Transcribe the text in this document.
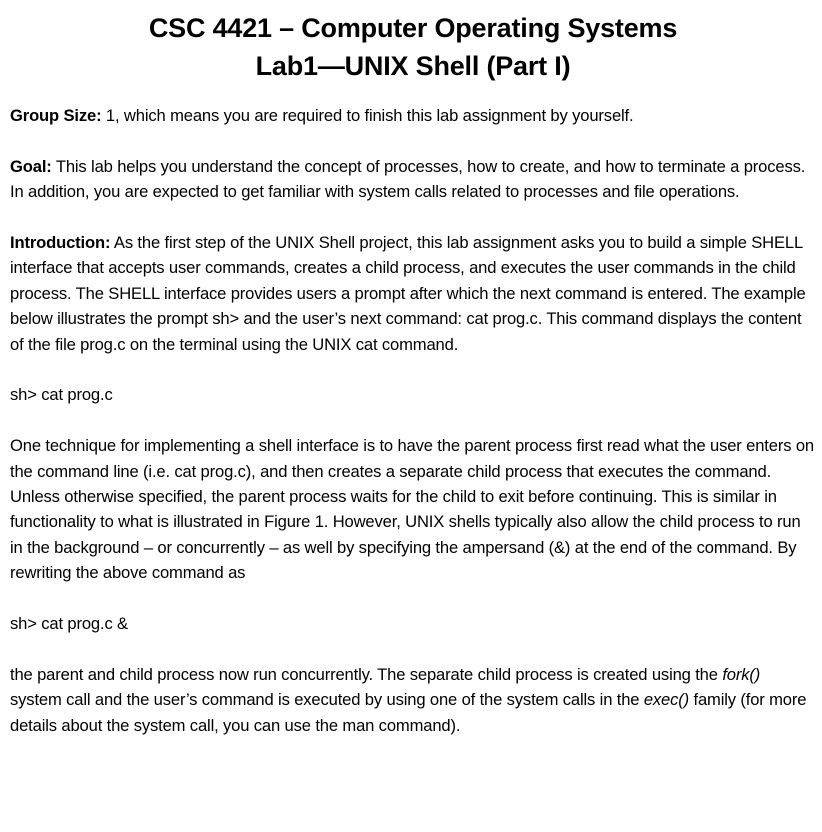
CSC 4421 – Computer Operating Systems
Lab1—UNIX Shell (Part I)

Group Size: 1, which means you are required to finish this lab assignment by yourself.

Goal: This lab helps you understand the concept of processes, how to create, and how to terminate a process. In addition, you are expected to get familiar with system calls related to processes and file operations.

Introduction: As the first step of the UNIX Shell project, this lab assignment asks you to build a simple SHELL interface that accepts user commands, creates a child process, and executes the user commands in the child process. The SHELL interface provides users a prompt after which the next command is entered. The example below illustrates the prompt sh> and the user’s next command: cat prog.c. This command displays the content of the file prog.c on the terminal using the UNIX cat command.

sh> cat prog.c

One technique for implementing a shell interface is to have the parent process first read what the user enters on the command line (i.e. cat prog.c), and then creates a separate child process that executes the command. Unless otherwise specified, the parent process waits for the child to exit before continuing. This is similar in functionality to what is illustrated in Figure 1. However, UNIX shells typically also allow the child process to run in the background – or concurrently – as well by specifying the ampersand (&) at the end of the command. By rewriting the above command as

sh> cat prog.c &

the parent and child process now run concurrently. The separate child process is created using the fork() system call and the user’s command is executed by using one of the system calls in the exec() family (for more details about the system call, you can use the man command).
